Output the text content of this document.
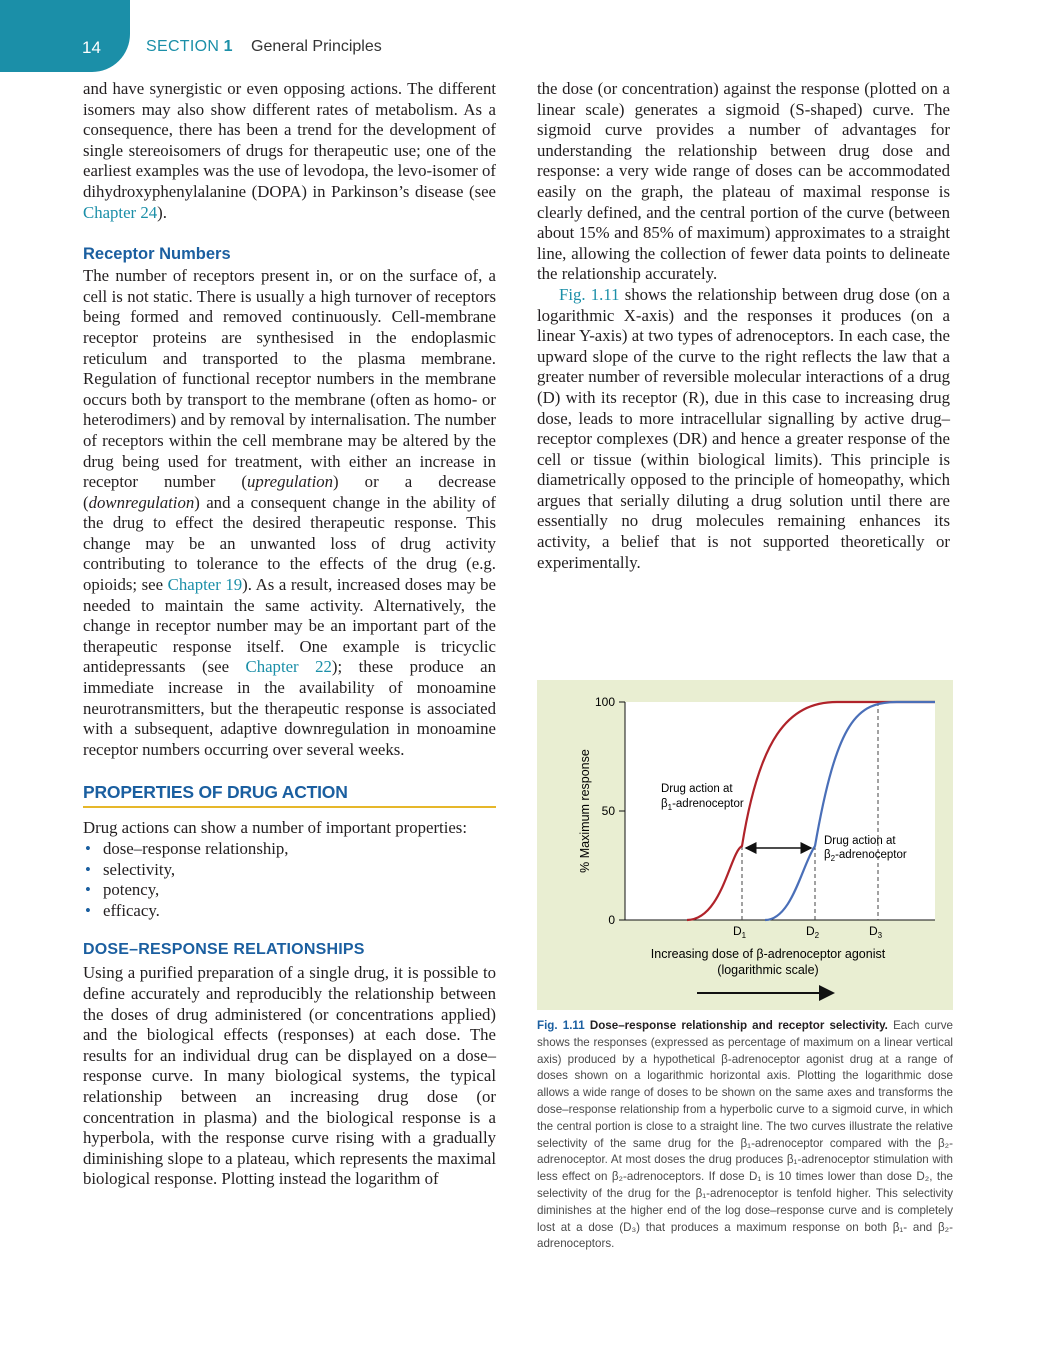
14	SECTION 1 General Principles

and have synergistic or even opposing actions. The different isomers may also show different rates of metabolism. As a consequence, there has been a trend for the development of single stereoisomers of drugs for therapeutic use; one of the earliest examples was the use of levodopa, the levo-isomer of dihydroxyphenylalanine (DOPA) in Parkinson’s disease (see Chapter 24).

Receptor Numbers

The number of receptors present in, or on the surface of, a cell is not static. There is usually a high turnover of receptors being formed and removed continuously. Cell-membrane receptor proteins are synthesised in the endoplasmic reticulum and transported to the plasma membrane. Regulation of functional receptor numbers in the membrane occurs both by transport to the membrane (often as homo- or heterodimers) and by removal by internalisation. The number of receptors within the cell membrane may be altered by the drug being used for treatment, with either an increase in receptor number (upregulation) or a decrease (downregulation) and a consequent change in the ability of the drug to effect the desired therapeutic response. This change may be an unwanted loss of drug activity contributing to tolerance to the effects of the drug (e.g. opioids; see Chapter 19). As a result, increased doses may be needed to maintain the same activity. Alternatively, the change in receptor number may be an important part of the therapeutic response itself. One example is tricyclic antidepressants (see Chapter 22); these produce an immediate increase in the availability of monoamine neurotransmitters, but the therapeutic response is associated with a subsequent, adaptive downregulation in monoamine receptor numbers occurring over several weeks.

PROPERTIES OF DRUG ACTION

Drug actions can show a number of important properties:

• dose–response relationship,
• selectivity,
• potency,
• efficacy.
DOSE–RESPONSE RELATIONSHIPS

Using a purified preparation of a single drug, it is possible to define accurately and reproducibly the relationship between the doses of drug administered (or concentrations applied) and the biological effects (responses) at each dose. The results for an individual drug can be displayed on a dose–response curve. In many biological systems, the typical relationship between an increasing drug dose (or concentration in plasma) and the biological response is a hyperbola, with the response curve rising with a gradually diminishing slope to a plateau, which represents the maximal biological response. Plotting instead the logarithm of

the dose (or concentration) against the response (plotted on a linear scale) generates a sigmoid (S-shaped) curve. The sigmoid curve provides a number of advantages for understanding the relationship between drug dose and response: a very wide range of doses can be accommodated easily on the graph, the plateau of maximal response is clearly defined, and the central portion of the curve (between about 15% and 85% of maximum) approximates to a straight line, allowing the collection of fewer data points to delineate the relationship accurately.

Fig. 1.11 shows the relationship between drug dose (on a logarithmic X-axis) and the responses it produces (on a linear Y-axis) at two types of adrenoceptors. In each case, the upward slope of the curve to the right reflects the law that a greater number of reversible molecular interactions of a drug (D) with its receptor (R), due in this case to increasing drug dose, leads to more intracellular signalling by active drug–receptor complexes (DR) and hence a greater response of the cell or tissue (within biological limits). This principle is diametrically opposed to the principle of homeopathy, which argues that serially diluting a drug solution until there are essentially no drug molecules remaining enhances its activity, a belief that is not supported theoretically or experimentally.

100
50
0
% Maximum response	Drug action at
$\beta_1$-adrenoceptor
Drug action at
$\beta_2$-adrenoceptor
$D_1$	$D_2$	$D_3$
Increasing dose of β-adrenoceptor agonist
(logarithmic scale)
Fig. 1.11 Dose–response relationship and receptor selectivity. Each curve shows the responses (expressed as percentage of maximum on a linear vertical axis) produced by a hypothetical β-adrenoceptor agonist drug at a range of doses shown on a logarithmic horizontal axis. Plotting the logarithmic dose allows a wide range of doses to be shown on the same axes and transforms the dose–response relationship from a hyperbolic curve to a sigmoid curve, in which the central portion is close to a straight line. The two curves illustrate the relative selectivity of the same drug for the β₁-adrenoceptor compared with the β₂-adrenoceptor. At most doses the drug produces β₁-adrenoceptor stimulation with less effect on β₂-adrenoceptors. If dose D₁ is 10 times lower than dose D₂, the selectivity of the drug for the β₁-adrenoceptor is tenfold higher. This selectivity diminishes at the higher end of the log dose–response curve and is completely lost at a dose (D₃) that produces a maximum response on both β₁- and β₂-adrenoceptors.
